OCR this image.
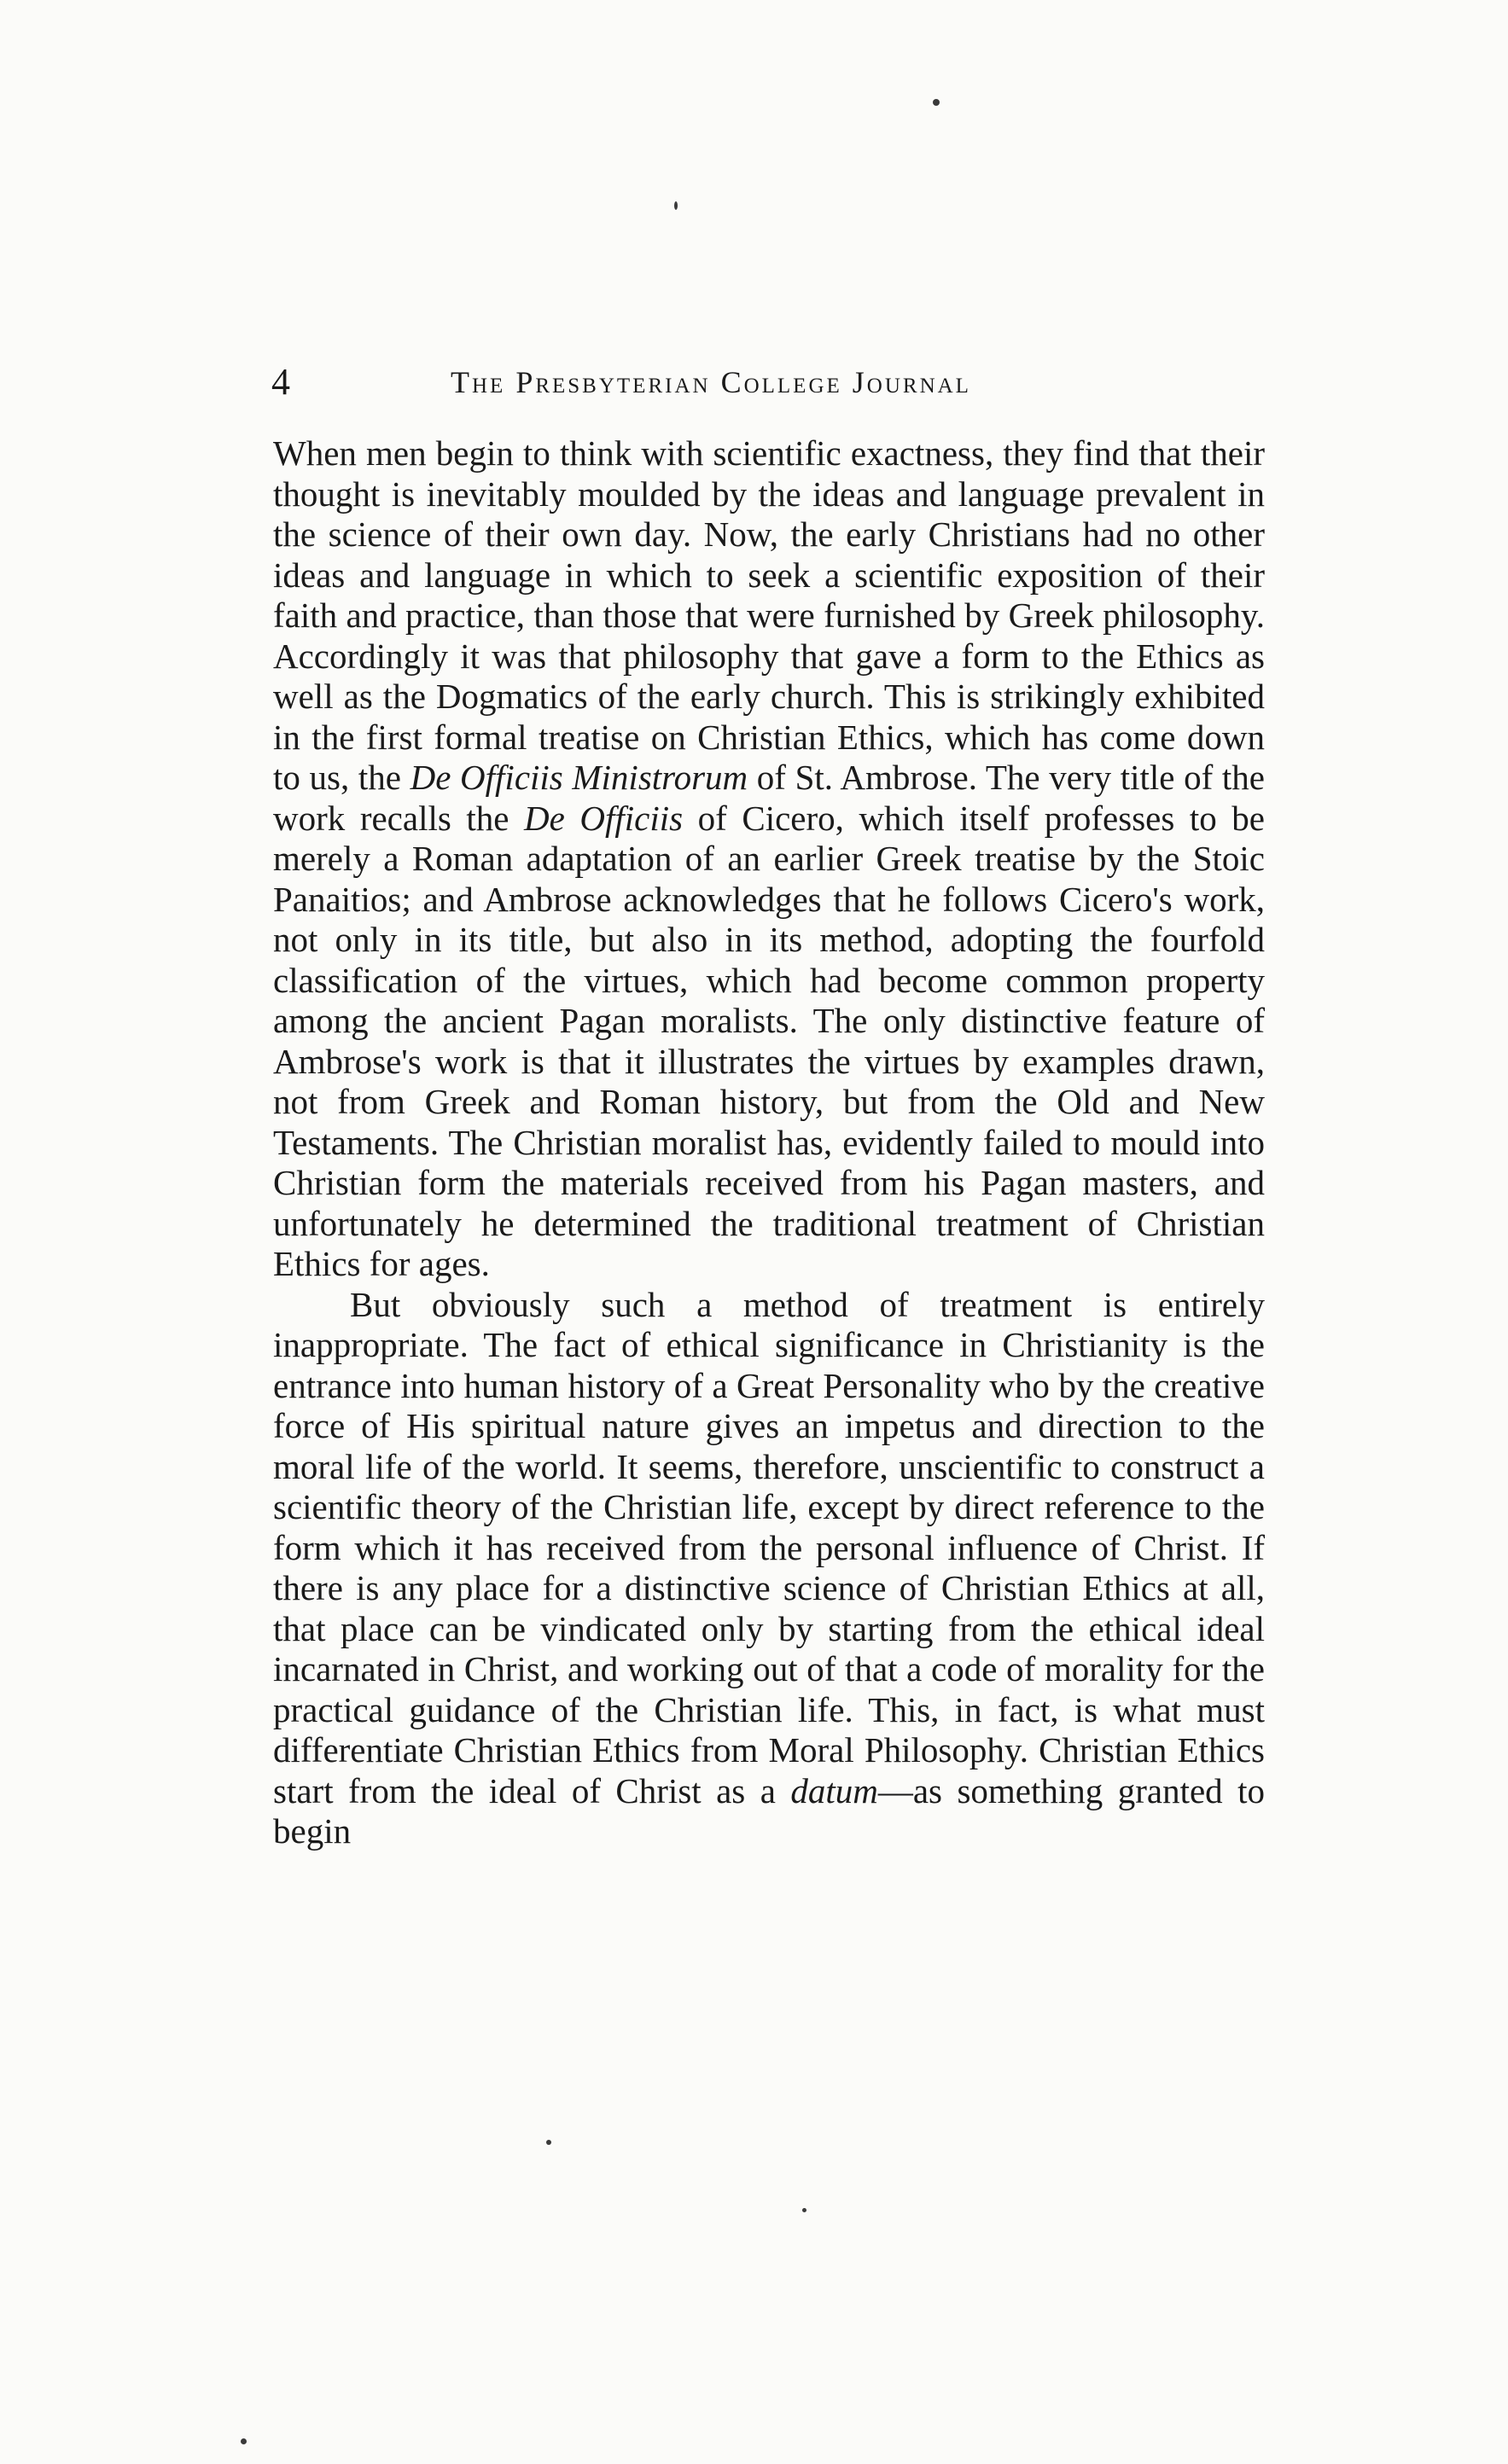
4	The Presbyterian College Journal

When men begin to think with scientific exactness, they find that their thought is inevitably moulded by the ideas and language prevalent in the science of their own day. Now, the early Christians had no other ideas and language in which to seek a scientific exposition of their faith and practice, than those that were furnished by Greek philosophy. Accordingly it was that philosophy that gave a form to the Ethics as well as the Dogmatics of the early church. This is strikingly exhibited in the first formal treatise on Christian Ethics, which has come down to us, the De Officiis Ministrorum of St. Ambrose. The very title of the work recalls the De Officiis of Cicero, which itself professes to be merely a Roman adaptation of an earlier Greek treatise by the Stoic Panaitios; and Ambrose acknowledges that he follows Cicero's work, not only in its title, but also in its method, adopting the fourfold classification of the virtues, which had become common property among the ancient Pagan moralists. The only distinctive feature of Ambrose's work is that it illustrates the virtues by examples drawn, not from Greek and Roman history, but from the Old and New Testaments. The Christian moralist has, evidently failed to mould into Christian form the materials received from his Pagan masters, and unfortunately he determined the traditional treatment of Christian Ethics for ages.

But obviously such a method of treatment is entirely inappropriate. The fact of ethical significance in Christianity is the entrance into human history of a Great Personality who by the creative force of His spiritual nature gives an impetus and direction to the moral life of the world. It seems, therefore, unscientific to construct a scientific theory of the Christian life, except by direct reference to the form which it has received from the personal influence of Christ. If there is any place for a distinctive science of Christian Ethics at all, that place can be vindicated only by starting from the ethical ideal incarnated in Christ, and working out of that a code of morality for the practical guidance of the Christian life. This, in fact, is what must differentiate Christian Ethics from Moral Philosophy. Christian Ethics start from the ideal of Christ as a datum—as something granted to begin
